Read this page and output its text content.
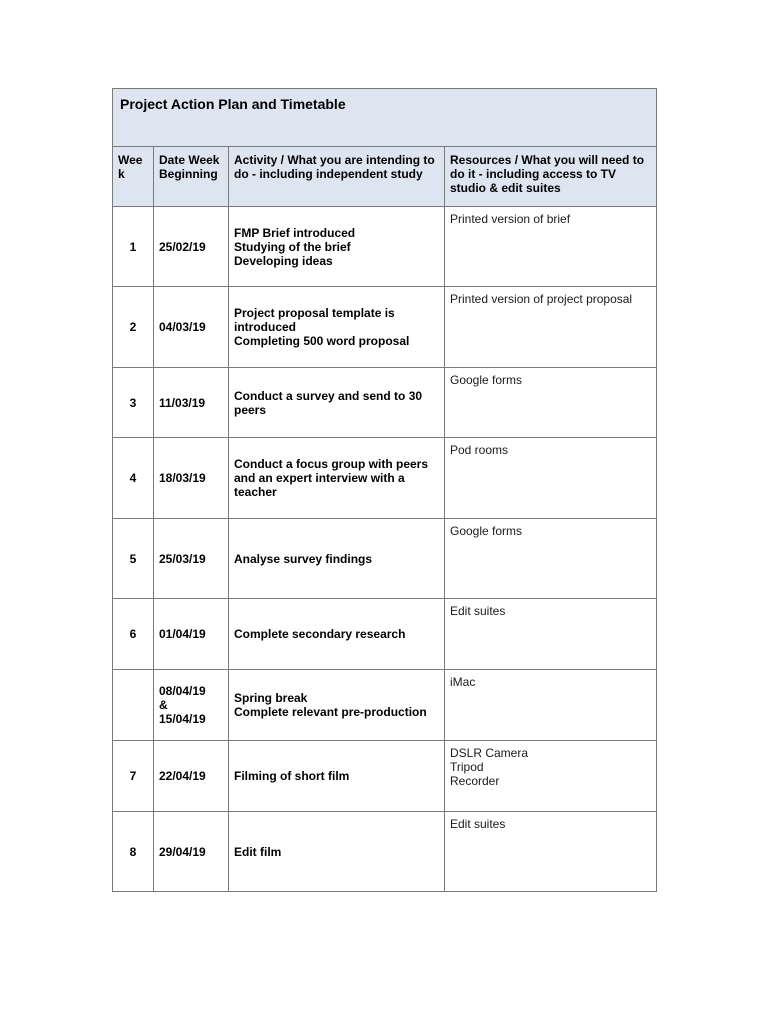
Project Action Plan and Timetable			
Wee k	Date Week Beginning	Activity / What you are intending to do - including independent study	Resources / What you will need to do it - including access to TV studio & edit suites
1	25/02/19	FMP Brief introduced
Studying of the brief
Developing ideas	Printed version of brief

2	04/03/19	Project proposal template is introduced
Completing 500 word proposal	Printed version of project proposal

3	11/03/19	Conduct a survey and send to 30 peers	Google forms

4	18/03/19	Conduct a focus group with peers and an expert interview with a teacher	Pod rooms

5	25/03/19	Analyse survey findings	Google forms

6	01/04/19	Complete secondary research	Edit suites

	08/04/19
&
15/04/19	Spring break
Complete relevant pre-production	iMac

7	22/04/19	Filming of short film	DSLR Camera
Tripod
Recorder

8	29/04/19	Edit film	Edit suites
